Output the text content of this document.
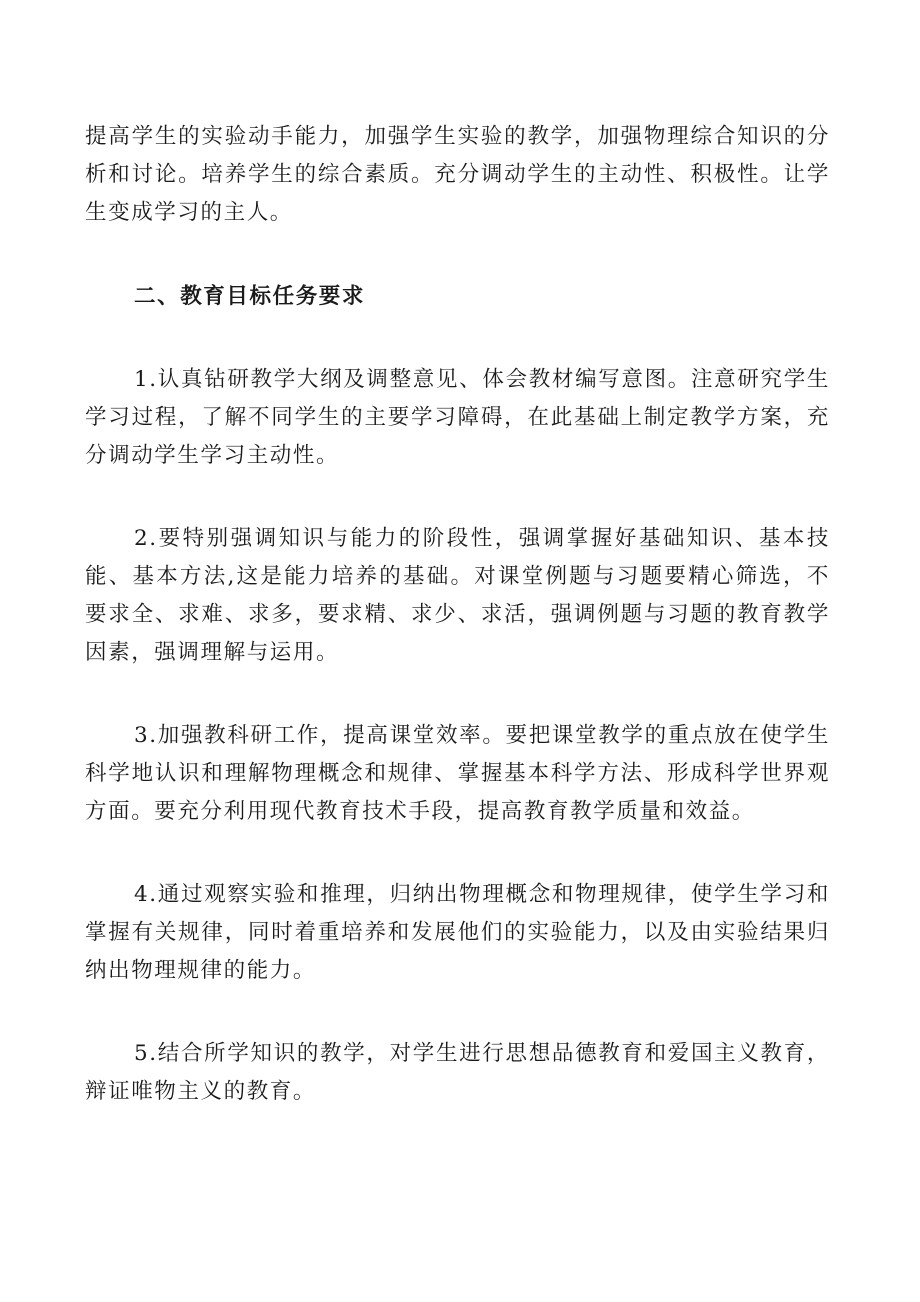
提高学生的实验动手能力，加强学生实验的教学，加强物理综合知识的分析和讨论。培养学生的综合素质。充分调动学生的主动性、积极性。让学生变成学习的主人。

二、教育目标任务要求

1.认真钻研教学大纲及调整意见、体会教材编写意图。注意研究学生学习过程，了解不同学生的主要学习障碍，在此基础上制定教学方案，充分调动学生学习主动性。

2.要特别强调知识与能力的阶段性，强调掌握好基础知识、基本技能、基本方法,这是能力培养的基础。对课堂例题与习题要精心筛选，不要求全、求难、求多，要求精、求少、求活，强调例题与习题的教育教学因素，强调理解与运用。

3.加强教科研工作，提高课堂效率。要把课堂教学的重点放在使学生科学地认识和理解物理概念和规律、掌握基本科学方法、形成科学世界观方面。要充分利用现代教育技术手段，提高教育教学质量和效益。

4.通过观察实验和推理，归纳出物理概念和物理规律，使学生学习和掌握有关规律，同时着重培养和发展他们的实验能力，以及由实验结果归纳出物理规律的能力。

5.结合所学知识的教学，对学生进行思想品德教育和爱国主义教育，辩证唯物主义的教育。
